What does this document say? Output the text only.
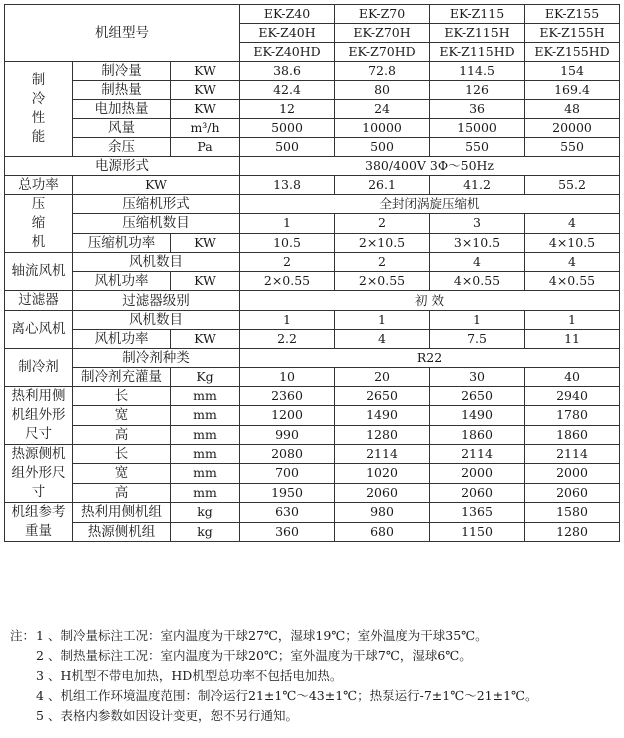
机组型号			EK-Z40	EK-Z70	EK-Z115	EK-Z155
			EK-Z40H	EK-Z70H	EK-Z115H	EK-Z155H
			EK-Z40HD	EK-Z70HD	EK-Z115HD	EK-Z155HD
制冷性能	制冷量	KW	38.6	72.8	114.5	154
	制热量	KW	42.4	80	126	169.4
	电加热量	KW	12	24	36	48
	风量	m³/h	5000	10000	15000	20000
	余压	Pa	500	500	550	550
电源形式			380/400V 3Φ～50Hz			
总功率	KW		13.8	26.1	41.2	55.2
压缩机	压缩机形式		全封闭涡旋压缩机			
	压缩机数目		1	2	3	4
	压缩机功率	KW	10.5	2×10.5	3×10.5	4×10.5
轴流风机	风机数目		2	2	4	4
	风机功率	KW	2×0.55	2×0.55	4×0.55	4×0.55
过滤器	过滤器级别		初 效			
离心风机	风机数目		1	1	1	1
	风机功率	KW	2.2	4	7.5	11
制冷剂	制冷剂种类		R22			
	制冷剂充灌量	Kg	10	20	30	40
热利用侧机组外形尺寸	长	mm	2360	2650	2650	2940
	宽	mm	1200	1490	1490	1780
	高	mm	990	1280	1860	1860
热源侧机组外形尺寸	长	mm	2080	2114	2114	2114
	宽	mm	700	1020	2000	2000
	高	mm	1950	2060	2060	2060
机组参考重量	热利用侧机组	kg	630	980	1365	1580
	热源侧机组	kg	360	680	1150	1280
注： 1 、制冷量标注工况：室内温度为干球27℃，湿球19℃；室外温度为干球35℃。
2 、制热量标注工况：室内温度为干球20℃；室外温度为干球7℃，湿球6℃。
3 、H机型不带电加热，HD机型总功率不包括电加热。
4 、机组工作环境温度范围：制冷运行21±1℃～43±1℃；热泵运行-7±1℃～21±1℃。
5 、表格内参数如因设计变更，恕不另行通知。
